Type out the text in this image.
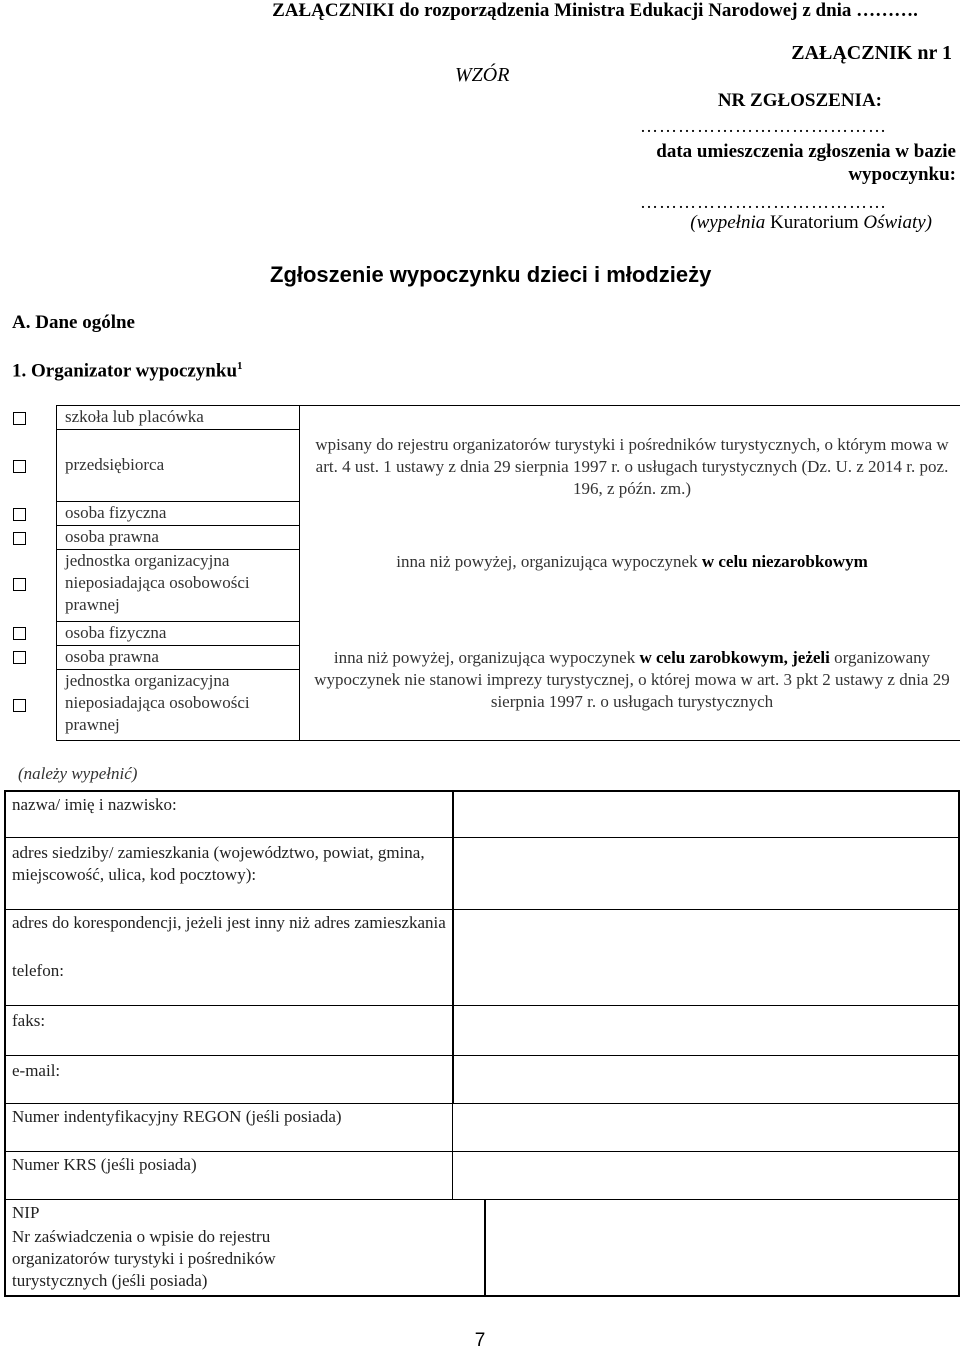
ZAŁĄCZNIKI do rozporządzenia Ministra Edukacji Narodowej z dnia ……….
WZÓR
ZAŁĄCZNIK nr 1
NR ZGŁOSZENIA:
…………………………………
data umieszczenia zgłoszenia w bazie wypoczynku:
…………………………………
(wypełnia Kuratorium Oświaty)
Zgłoszenie wypoczynku dzieci i młodzieży
A. Dane ogólne
1. Organizator wypoczynku$^1$
szkoła lub placówka
przedsiębiorca
osoba fizyczna
osoba prawna
jednostka organizacyjna nieposiadająca osobowości prawnej
osoba fizyczna
osoba prawna
jednostka organizacyjna nieposiadająca osobowości prawnej
wpisany do rejestru organizatorów turystyki i pośredników turystycznych, o którym mowa w art. 4 ust. 1 ustawy z dnia 29 sierpnia 1997 r. o usługach turystycznych (Dz. U. z 2014 r. poz. 196, z późn. zm.)
inna niż powyżej, organizująca wypoczynek w celu niezarobkowym
inna niż powyżej, organizująca wypoczynek w celu zarobkowym, jeżeli organizowany wypoczynek nie stanowi imprezy turystycznej, o której mowa w art. 3 pkt 2 ustawy z dnia 29 sierpnia 1997 r. o usługach turystycznych
(należy wypełnić)
nazwa/ imię i nazwisko:
adres siedziby/ zamieszkania (województwo, powiat, gmina, miejscowość, ulica, kod pocztowy):
adres do korespondencji, jeżeli jest inny niż adres zamieszkania
telefon:
faks:
e-mail:
Numer indentyfikacyjny REGON (jeśli posiada)
Numer KRS (jeśli posiada)
NIP
Nr zaświadczenia o wpisie do rejestru organizatorów turystyki i pośredników turystycznych (jeśli posiada)
7
